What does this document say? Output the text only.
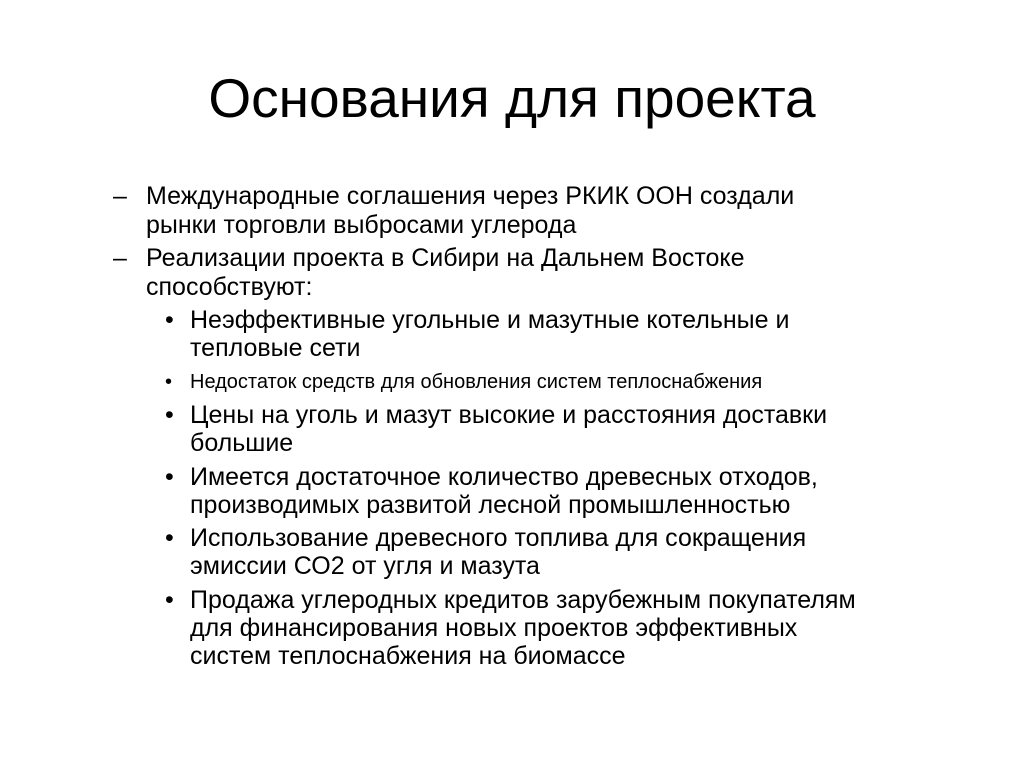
Основания для проекта
– Международные соглашения через РКИК ООН создали
рынки торговли выбросами углерода
– Реализации проекта в Сибири на Дальнем Востоке
способствуют:
• Неэффективные угольные и мазутные котельные и
тепловые сети
• Недостаток средств для обновления систем теплоснабжения
• Цены на уголь и мазут высокие и расстояния доставки
большие
• Имеется достаточное количество древесных отходов,
производимых развитой лесной промышленностью
• Использование древесного топлива для сокращения
эмиссии СО2 от угля и мазута
• Продажа углеродных кредитов зарубежным покупателям
для финансирования новых проектов эффективных
систем теплоснабжения на биомассе
